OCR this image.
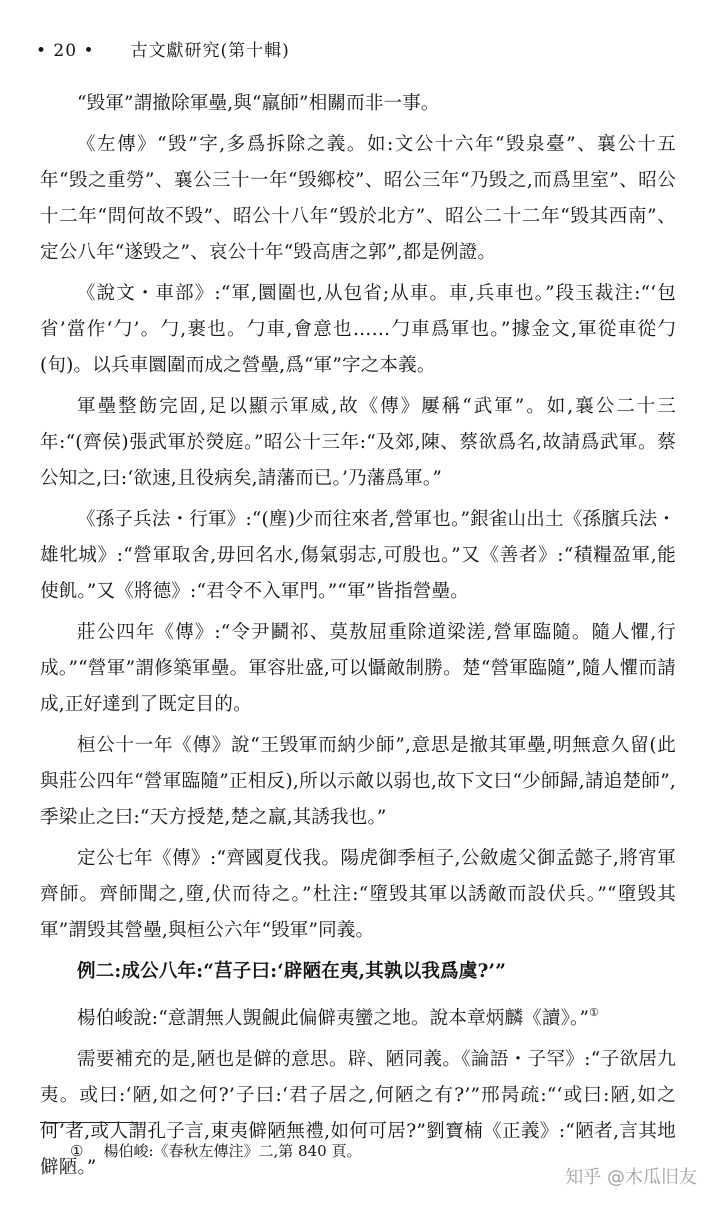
• 20 • 古文獻研究(第十輯)

“毁軍”謂撤除軍壘,與“羸師”相關而非一事。

《左傳》“毁”字,多爲拆除之義。如:文公十六年“毁泉臺”、襄公十五年“毁之重勞”、襄公三十一年“毁鄉校”、昭公三年“乃毁之,而爲里室”、昭公十二年“問何故不毁”、昭公十八年“毁於北方”、昭公二十二年“毁其西南”、定公八年“遂毁之”、哀公十年“毁高唐之郭”,都是例證。

《說文・車部》:“軍,圜圍也,从包省;从車。車,兵車也。”段玉裁注:“‘包省’當作‘勹’。勹,裹也。勹車,會意也……勹車爲軍也。”據金文,軍從車從勹(旬)。以兵車圜圍而成之營壘,爲“軍”字之本義。

軍壘整飭完固,足以顯示軍威,故《傳》屢稱“武軍”。如,襄公二十三年:“(齊侯)張武軍於熒庭。”昭公十三年:“及郊,陳、蔡欲爲名,故請爲武軍。蔡公知之,曰:‘欲速,且役病矣,請藩而已。’乃藩爲軍。”

《孫子兵法・行軍》:“(塵)少而往來者,營軍也。”銀雀山出土《孫臏兵法・雄牝城》:“營軍取舍,毋回名水,傷氣弱志,可殷也。”又《善者》:“積糧盈軍,能使飢。”又《將德》:“君令不入軍門。”“軍”皆指營壘。

莊公四年《傳》:“令尹鬬祁、莫敖屈重除道梁溠,營軍臨隨。隨人懼,行成。”“營軍”謂修築軍壘。軍容壯盛,可以懾敵制勝。楚“營軍臨隨”,隨人懼而請成,正好達到了既定目的。

桓公十一年《傳》說“王毁軍而納少師”,意思是撤其軍壘,明無意久留(此與莊公四年“營軍臨隨”正相反),所以示敵以弱也,故下文曰“少師歸,請追楚師”,季梁止之曰:“天方授楚,楚之羸,其誘我也。”

定公七年《傳》:“齊國夏伐我。陽虎御季桓子,公斂處父御孟懿子,將宵軍齊師。齊師聞之,墮,伏而待之。”杜注:“墮毁其軍以誘敵而設伏兵。”“墮毁其軍”謂毁其營壘,與桓公六年“毁軍”同義。

例二:成公八年:“莒子曰:‘辟陋在夷,其孰以我爲虞?’”

楊伯峻說:“意謂無人覬覦此偏僻夷蠻之地。說本章炳麟《讀》。”①

需要補充的是,陋也是僻的意思。辟、陋同義。《論語・子罕》:“子欲居九夷。或曰:‘陋,如之何?’子曰:‘君子居之,何陋之有?’”邢昺疏:“‘或曰:陋,如之何’者,或人謂孔子言,東夷僻陋無禮,如何可居?”劉寶楠《正義》:“陋者,言其地僻陋。”

① 楊伯峻:《春秋左傳注》二,第 840 頁。
知乎 @木瓜旧友
